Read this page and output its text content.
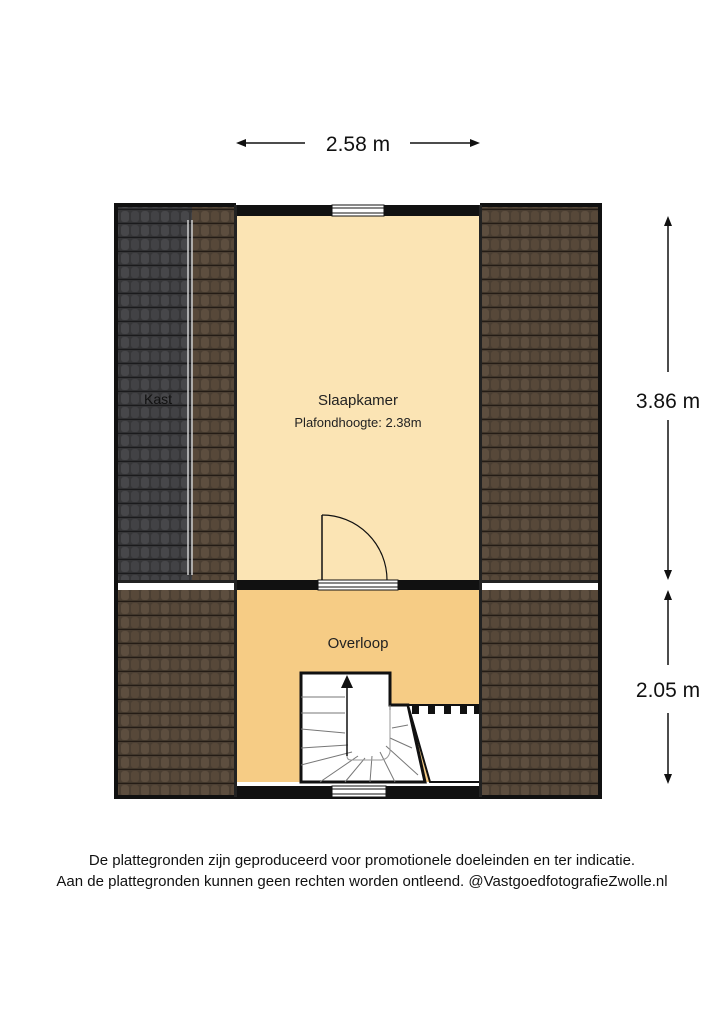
2.58 m
3.86 m
2.05 m
Slaapkamer
Plafondhoogte: 2.38m
Overloop
Kast
De plattegronden zijn geproduceerd voor promotionele doeleinden en ter indicatie.
Aan de plattegronden kunnen geen rechten worden ontleend. @VastgoedfotografieZwolle.nl
